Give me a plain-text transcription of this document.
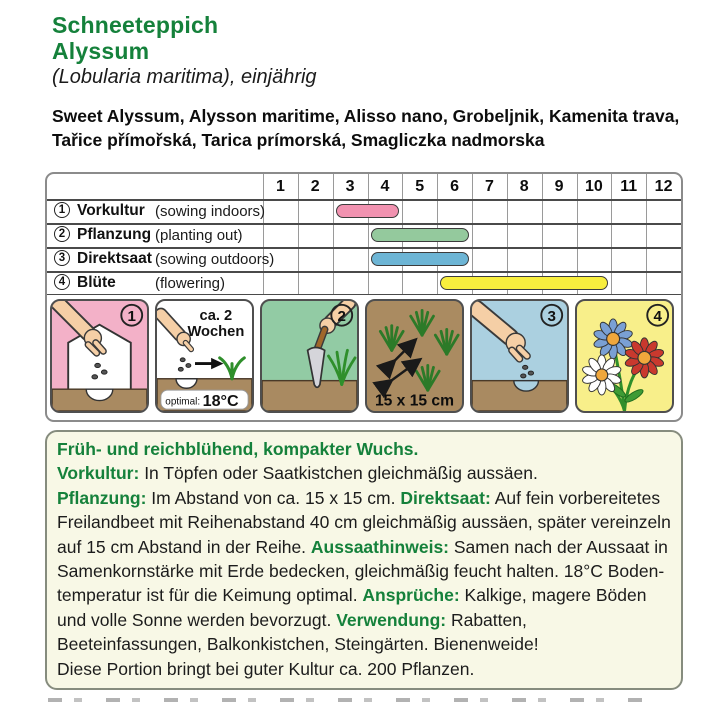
Schneeteppich
Alyssum
(Lobularia maritima), einjährig
Sweet Alyssum, Alysson maritime, Alisso nano, Grobeljnik, Kamenita trava,
Tařice přímořská, Tarica prímorská, Smagliczka nadmorska
1	2	3	4	5	6	7	8	9	10	11	12
1 Vorkultur (sowing indoors)
2 Pflanzung (planting out)
3 Direktsaat (sowing outdoors)
4 Blüte	(flowering)
1	ca. 2
Wochen
optimal: 18°C
2
15 x 15 cm
3	4
Früh- und reichblühend, kompakter Wuchs.
Vorkultur: In Töpfen oder Saatkistchen gleichmäßig aussäen.
Pflanzung: Im Abstand von ca. 15 x 15 cm. Direktsaat: Auf fein vorbereitetes
Freilandbeet mit Reihenabstand 40 cm gleichmäßig aussäen, später vereinzeln
auf 15 cm Abstand in der Reihe. Aussaathinweis: Samen nach der Aussaat in
Samenkornstärke mit Erde bedecken, gleichmäßig feucht halten. 18°C Boden-
temperatur ist für die Keimung optimal. Ansprüche: Kalkige, magere Böden
und volle Sonne werden bevorzugt. Verwendung: Rabatten,
Beeteinfassungen, Balkonkistchen, Steingärten. Bienenweide!
Diese Portion bringt bei guter Kultur ca. 200 Pflanzen.
